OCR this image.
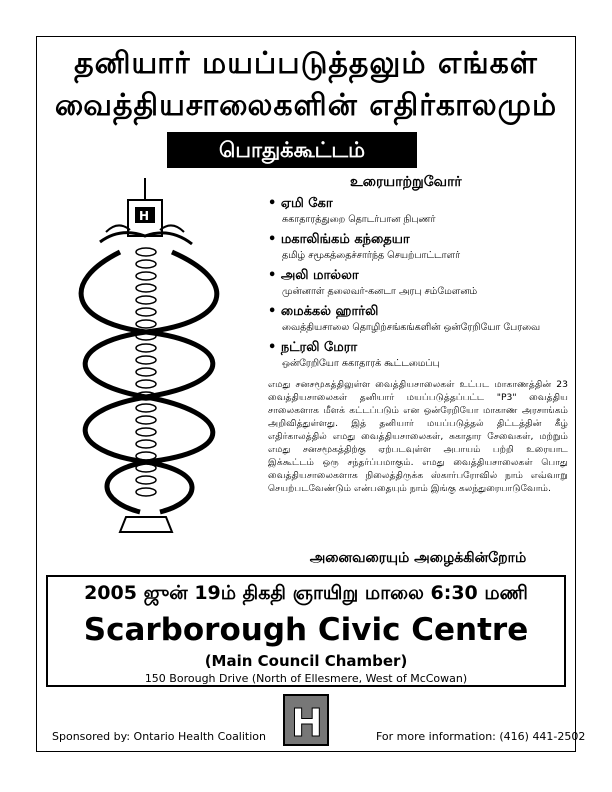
தனியார் மயப்படுத்தலும் எங்கள்
வைத்தியசாலைகளின் எதிர்காலமும்
பொதுக்கூட்டம்
H
உரையாற்றுவோர்
• ஏமி கோ
சுகாதாரத்துறை தொடர்பான நிபுணர்
• மகாலிங்கம் கந்தையா
தமிழ் சமூகத்தைச்சார்ந்த செயற்பாட்டாளர்
• அலி மால்லா
முன்னாள் தலைவர்-கனடா அரபு சம்மேளனம்
• மைக்கல் ஹார்லி
வைத்தியசாலை தொழிற்சங்கங்களின் ஒன்ரேறியோ பேரவை
• நட்ரலி மேரா
ஒன்ரேறியோ சுகாதாரக் கூட்டமைப்பு
எமது சனசமூகத்திலுள்ள வைத்தியசாலைகள் உட்பட மாகாணத்தின் 23 வைத்தியசாலைகள் தனியார் மயப்படுத்தப்பட்ட "P3" வைத்திய சாலைகளாக மீளக் கட்டப்படும் என ஒன்ரேறியோ மாகாண அரசாங்கம் அறிவித்துள்ளது. இத் தனியார் மயப்படுத்தல் திட்டத்தின் கீழ் எதிர்காலத்தில் எமது வைத்தியசாலைகள், சுகாதார சேவைகள், மற்றும் எமது சனசமூகத்திற்கு ஏற்படவுள்ள அபாயம் பற்றி உரையாட இக்கூட்டம் ஒரு சந்தர்ப்பமாகும். எமது வைத்தியசாலைகள் பொது வைத்தியசாலைகளாக நிலைத்திருக்க ஸ்கார்பரோவில் நாம் எவ்வாறு செயற்படவேண்டும் என்பதையும் நாம் இங்கு கலந்துரையாடுவோம்.
அனைவரையும் அழைக்கின்றோம்
2005 ஜுன் 19ம் திகதி ஞாயிறு மாலை 6:30 மணி
Scarborough Civic Centre
(Main Council Chamber)
150 Borough Drive (North of Ellesmere, West of McCowan)
H
Sponsored by: Ontario Health Coalition	For more information: (416) 441-2502
